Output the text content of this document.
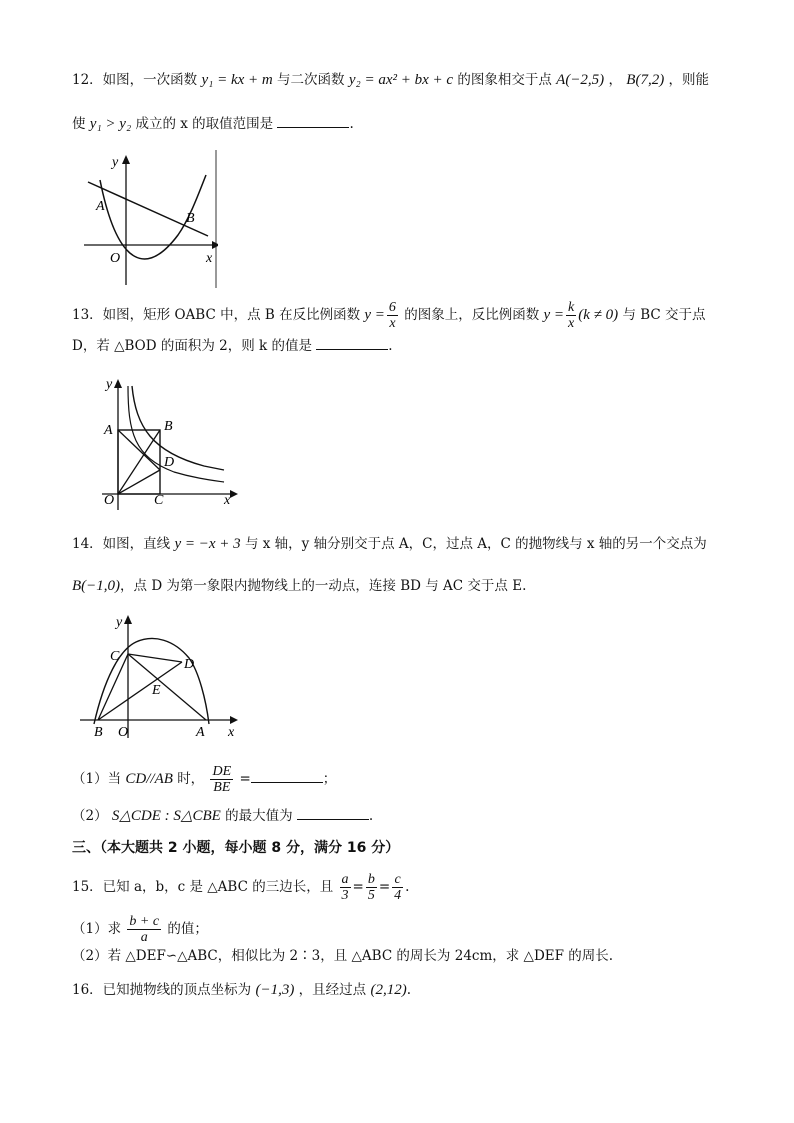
12．如图，一次函数 y₁ = kx + m 与二次函数 y₂ = ax² + bx + c 的图象相交于点 A(−2,5) ， B(7,2) ，则能
使 y₁ > y₂ 成立的 x 的取值范围是	.
A
B
O	x
y
13．如图，矩形 OABC 中，点 B 在反比例函数 $y = \frac{6}{x}$ 的图象上，反比例函数 $y = \frac{k}{x} (k \ne 0)$ 与 BC 交于点
D，若 △BOD 的面积为 2，则 k 的值是	.
A	B
C
D
O	x
y
14．如图，直线 y = −x + 3 与 x 轴，y 轴分别交于点 A，C，过点 A，C 的抛物线与 x 轴的另一个交点为
B(−1,0)，点 D 为第一象限内抛物线上的一动点，连接 BD 与 AC 交于点 E.
C
D
E
B O	A x
y
（1）当 CD//AB 时， $\frac{DE}{BE}$ =	；
（2） S△CDE : S△CBE 的最大值为	.
三、（本大题共 2 小题，每小题 8 分，满分 16 分）
15．已知 a，b，c 是 △ABC 的三边长，且 $\frac{a}{3} = \frac{b}{5} = \frac{c}{4}$ .
（1）求 $\frac{b + c}{a}$ 的值；
（2）若 △DEF∽△ABC，相似比为 2∶3，且 △ABC 的周长为 24cm，求 △DEF 的周长.
16．已知抛物线的顶点坐标为 (−1,3) ，且经过点 (2,12).
